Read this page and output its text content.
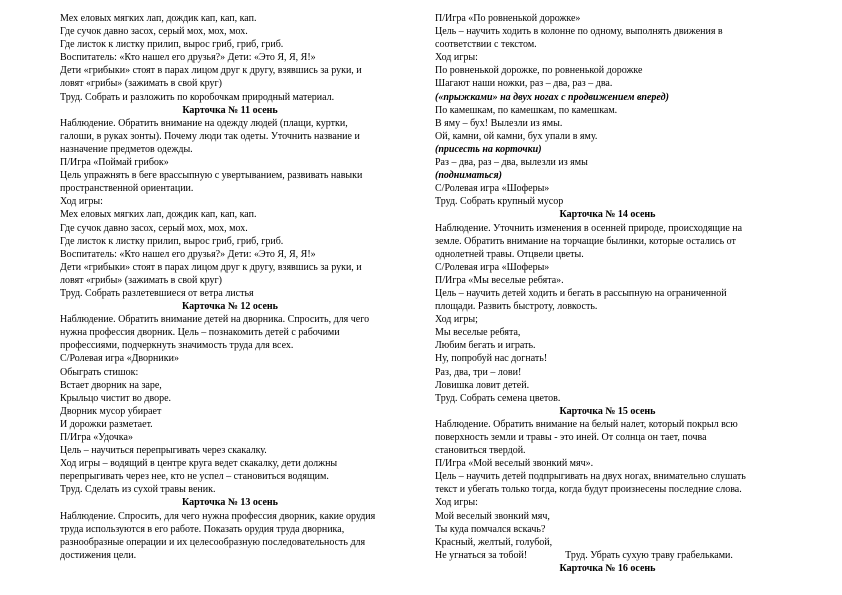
Мех еловых мягких лап, дождик кап, кап, кап.
Где сучок давно засох, серый мох, мох, мох.
Где листок к листку прилип, вырос гриб, гриб, гриб.
Воспитатель: «Кто нашел его друзья?» Дети: «Это Я, Я, Я!»
Дети «грибыки» стоят в парах лицом друг к другу, взявшись за руки, и
ловят «грибы» (зажимать в свой круг)
Труд. Собрать и разложить по коробочкам природный материал.
Карточка № 11 осень
Наблюдение. Обратить внимание на одежду людей (плащи, куртки,
галоши, в руках зонты). Почему люди так одеты. Уточнить название и
назначение предметов одежды.
П/Игра «Поймай грибок»
Цель упражнять в беге врассыпную с увертыванием, развивать навыки
пространственной ориентации.
Ход игры:
Мех еловых мягких лап, дождик кап, кап, кап.
Где сучок давно засох, серый мох, мох, мох.
Где листок к листку прилип, вырос гриб, гриб, гриб.
Воспитатель: «Кто нашел его друзья?» Дети: «Это Я, Я, Я!»
Дети «грибыки» стоят в парах лицом друг к другу, взявшись за руки, и
ловят «грибы» (зажимать в свой круг)
Труд. Собрать разлетевшиеся от ветра листья
Карточка № 12 осень
Наблюдение. Обратить внимание детей на дворника. Спросить, для чего
нужна профессия дворник. Цель – познакомить детей с рабочими
профессиями, подчеркнуть значимость труда для всех.
С/Ролевая игра «Дворники»
Обыграть стишок:
Встает дворник на заре,
Крыльцо чистит во дворе.
Дворник мусор убирает
И дорожки разметает.
П/Игра «Удочка»
Цель – научиться перепрыгивать через скакалку.
Ход игры – водящий в центре круга ведет скакалку, дети должны
перепрыгивать через нее, кто не успел – становиться водящим.
Труд. Сделать из сухой травы веник.
Карточка № 13 осень
Наблюдение. Спросить, для чего нужна профессия дворник, какие орудия
труда используются в его работе. Показать орудия труда дворника,
разнообразные операции и их целесообразную последовательность для
достижения цели.
П/Игра «По ровненькой дорожке»
Цель – научить ходить в колонне по одному, выполнять движения в
соответствии с текстом.
Ход игры:
По ровненькой дорожке, по ровненькой дорожке
Шагают наши ножки, раз – два, раз – два.
(«прыжками» на двух ногах с продвижением вперед)
По камешкам, по камешкам, по камешкам.
В яму – бух! Вылезли из ямы.
Ой, камни, ой камни, бух упали в яму.
(присесть на корточки)
Раз – два, раз – два, вылезли из ямы
(подниматься)
С/Ролевая игра «Шоферы»
Труд. Собрать крупный мусор
Карточка № 14 осень
Наблюдение. Уточнить изменения в осенней природе, происходящие на
земле. Обратить внимание на торчащие былинки, которые остались от
однолетней травы. Отцвели цветы.
С/Ролевая игра «Шоферы»
П/Игра «Мы веселые ребята».
Цель – научить детей ходить и бегать в рассыпную на ограниченной
площади. Развить быстроту, ловкость.
Ход игры;
Мы веселые ребята,
Любим бегать и играть.
Ну, попробуй нас догнать!
Раз, два, три – лови!
Ловишка ловит детей.
Труд. Собрать семена цветов.
Карточка № 15 осень
Наблюдение. Обратить внимание на белый налет, который покрыл всю
поверхность земли и травы - это иней. От солнца он тает, почва
становиться твердой.
П/Игра «Мой веселый звонкий мяч».
Цель – научить детей подпрыгивать на двух ногах, внимательно слушать
текст и убегать только тогда, когда будут произнесены последние слова.
Ход игры:
Мой веселый звонкий мяч,
Ты куда помчался вскачь?
Красный, желтый, голубой,
Не угнаться за тобой!	Труд. Убрать сухую траву грабельками.
Карточка № 16 осень
